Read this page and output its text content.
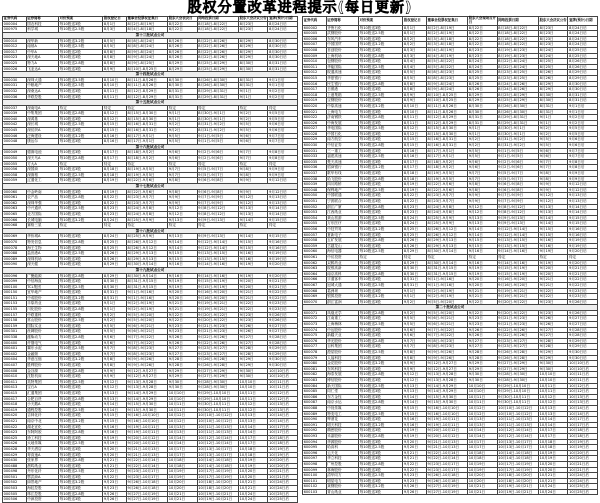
股权分置改革进程提示(每日更新)
证券代码	证券简称	对价预案	股权登记日	董事会投票权征集日	股东大会表决日	网络投票日期	股东大会决议公告	复牌(预计)日期
000004	国农科技	每10股送3股	8月1日	8月2日-8月19日	8月22日	8月18日-8月22日	8月23日	8月24日后
000975	科学城	每10股送2.5股	8月3日	8月4日-8月18日	8月22日	8月18日-8月22日	8月23日	8月24日后
第十三批试点公司								
000010	深华新	每10股送3.2股	8月5日	8月8日-8月24日	8月26日	8月22日-8月26日	8月29日	8月30日后
000012	南玻A	每10股送2.5股	8月5日	8月8日-8月24日	8月26日	8月22日-8月26日	8月29日	8月30日后
000017	中华A	每10股送2股	8月8日	8月9日-8月24日	8月26日	8月22日-8月26日	8月29日	8月30日后
000023	深天地A	每10股送3股	8月8日	8月9日-8月24日	8月26日	8月22日-8月26日	8月29日	8月30日后
000025	特力A	每10股送2.8股	8月8日	8月9日-8月25日	8月29日	8月25日-8月29日	8月30日	8月31日后
000026	飞亚达A	每10股送3股	8月9日	8月10日-8月25日	8月29日	8月25日-8月29日	8月30日	8月31日后
第十四批试点公司								
000030	深圳大通	每10股送3.5股	8月10日	8月11日-8月26日	8月30日	8月26日-8月30日	8月31日	9月1日后
000031	中粮地产	每10股送2.5股	8月10日	8月11日-8月26日	8月30日	8月26日-8月30日	8月31日	9月1日后
000032	深桑达A	每10股送3股	8月11日	8月12日-8月29日	8月31日	8月29日-8月31日	9月1日	9月2日后
000036	华联控股	每10股送3股	8月11日	8月12日-8月29日	8月31日	8月29日-8月31日	9月1日	9月2日后
第十五批试点公司								
000037	深南电A	待定	待定	待定	待定	待定	待定	待定
000039	中集集团	每10股送2.8股	8月12日	8月15日-8月30日	9月1日	8月30日-9月1日	9月2日	9月5日后
000040	深鸿基	每10股送3股	8月12日	8月15日-8月30日	9月1日	8月30日-9月1日	9月2日	9月5日后
000042	深长城	每10股送2.5股	8月15日	8月16日-8月31日	9月2日	8月31日-9月2日	9月5日	9月6日后
000045	深纺织A	每10股送3股	8月15日	8月16日-8月31日	9月2日	8月31日-9月2日	9月5日	9月6日后
000046	泛海建设	每10股送3.2股	8月16日	8月17日-9月1日	9月5日	9月1日-9月5日	9月6日	9月7日后
000048	康达尔	每10股送3股	8月16日	8月17日-9月1日	9月5日	9月1日-9月5日	9月6日	9月7日后
第十六批试点公司								
000049	德赛电池	每10股送3股	8月17日	8月18日-9月2日	9月6日	9月2日-9月6日	9月7日	9月8日后
000050	深天马A	每10股送2.8股	8月17日	8月18日-9月2日	9月6日	9月2日-9月6日	9月7日	9月8日后
000055	方大A	待定	待定	待定	待定	待定	待定	待定
000056	深国商	每10股送3股	8月18日	8月19日-9月5日	9月7日	9月5日-9月7日	9月8日	9月9日后
000058	深赛格	每10股送2.5股	8月18日	8月19日-9月5日	9月7日	9月5日-9月7日	9月8日	9月9日后
000059	辽通化工	每10股送3股	8月19日	8月22日-9月6日	9月8日	9月6日-9月8日	9月9日	9月12日后
第十七批试点公司								
000060	中金岭南	每10股送3股	8月19日	8月22日-9月6日	9月8日	9月6日-9月8日	9月9日	9月12日后
000061	农产品	每10股送2.8股	8月22日	8月23日-9月7日	9月9日	9月7日-9月9日	9月12日	9月13日后
000062	深圳华强	每10股送3股	8月22日	8月23日-9月7日	9月9日	9月7日-9月9日	9月12日	9月13日后
000063	中兴通讯	每10股送2.5股	8月23日	8月24日-9月8日	9月12日	9月8日-9月12日	9月13日	9月14日后
000065	北方国际	每10股送3股	8月23日	8月24日-9月8日	9月12日	9月8日-9月12日	9月13日	9月14日后
000066	长城电脑	每10股送3.2股	8月24日	8月25日-9月9日	9月13日	9月9日-9月13日	9月14日	9月15日后
000068	赛格三星	待定	待定	待定	待定	待定	待定	待定
第十八批试点公司								
000069	华侨城A	每10股送3股	8月24日	8月25日-9月9日	9月13日	9月9日-9月13日	9月14日	9月15日后
000070	特发信息	每10股送2.8股	8月25日	8月26日-9月12日	9月14日	9月12日-9月14日	9月15日	9月16日后
000078	海王生物	每10股送3股	8月25日	8月26日-9月12日	9月14日	9月12日-9月14日	9月15日	9月16日后
000088	盐田港A	每10股送2.5股	8月26日	8月29日-9月13日	9月15日	9月13日-9月15日	9月16日	9月19日后
000089	深圳机场	每10股送3股	8月26日	8月29日-9月13日	9月15日	9月13日-9月15日	9月16日	9月19日后
000090	深天健	每10股送3股	8月29日	8月30日-9月14日	9月16日	9月14日-9月16日	9月19日	9月20日后
第十九批试点公司								
000096	广聚能源	每10股送2.8股	8月29日	8月30日-9月14日	9月16日	9月14日-9月16日	9月19日	9月20日后
000099	中信海直	每10股送3股	8月30日	8月31日-9月15日	9月19日	9月15日-9月19日	9月20日	9月21日后
000100	TCL集团	每10股送2.5股	8月30日	8月31日-9月15日	9月19日	9月15日-9月19日	9月20日	9月21日后
000150	宜华地产	每10股送3股	8月31日	9月1日-9月16日	9月20日	9月16日-9月20日	9月21日	9月22日后
000151	中成股份	每10股送3.2股	8月31日	9月1日-9月16日	9月20日	9月16日-9月20日	9月21日	9月22日后
000153	丰原药业	每10股送3股	9月1日	9月2日-9月19日	9月21日	9月19日-9月21日	9月22日	9月23日后
000155	川化股份	每10股送2.8股	9月1日	9月2日-9月19日	9月21日	9月19日-9月21日	9月22日	9月23日后
000157	中联重科	每10股送3股	9月2日	9月5日-9月20日	9月22日	9月20日-9月22日	9月23日	9月26日后
000158	常山股份	每10股送2.5股	9月2日	9月5日-9月20日	9月22日	9月20日-9月22日	9月23日	9月26日后
000159	国际实业	每10股送3股	9月5日	9月6日-9月21日	9月23日	9月21日-9月23日	9月26日	9月27日后
000301	丝绸股份	每10股送3股	9月5日	9月6日-9月21日	9月23日	9月21日-9月23日	9月26日	9月27日后
000338	潍柴动力	每10股送2.8股	9月6日	9月7日-9月22日	9月26日	9月22日-9月26日	9月27日	9月28日后
000400	许继电气	每10股送3股	9月6日	9月7日-9月22日	9月26日	9月22日-9月26日	9月27日	9月28日后
000401	冀东水泥	每10股送2.5股	9月7日	9月8日-9月23日	9月27日	9月23日-9月27日	9月28日	9月29日后
000402	金融街	每10股送3股	9月7日	9月8日-9月23日	9月27日	9月23日-9月27日	9月28日	9月29日后
000404	华意压缩	每10股送3.2股	9月8日	9月9日-9月26日	9月28日	9月26日-9月28日	9月29日	9月30日后
000407	胜利股份	每10股送3股	9月8日	9月9日-9月26日	9月28日	9月26日-9月28日	9月29日	9月30日后
000408	金谷源	每10股送2.8股	9月9日	9月12日-9月27日	9月29日	9月27日-9月29日	9月30日	10月10日后
000410	沈阳机床	每10股送3股	9月9日	9月12日-9月27日	9月29日	9月27日-9月29日	9月30日	10月10日后
000411	英特集团	每10股送2.5股	9月12日	9月13日-9月28日	9月30日	9月28日-9月30日	10月10日	10月11日后
000413	宝石A	每10股送3股	9月12日	9月13日-9月28日	9月30日	9月28日-9月30日	10月10日	10月11日后
000415	汇通集团	每10股送3股	9月13日	9月14日-9月29日	10月10日	9月29日-10月10日	10月11日	10月12日后
000417	合肥百货	每10股送2.8股	9月13日	9月14日-9月29日	10月10日	9月29日-10月10日	10月11日	10月12日后
000418	小天鹅A	每10股送3股	9月14日	9月15日-9月30日	10月11日	9月30日-10月11日	10月12日	10月13日后
000419	通程控股	每10股送2.5股	9月14日	9月15日-9月30日	10月11日	9月30日-10月11日	10月12日	10月13日后
000420	吉林化纤	每10股送3股	9月15日	9月16日-10月10日	10月12日	10月10日-10月12日	10月13日	10月14日后
000421	南京中北	每10股送3.2股	9月15日	9月16日-10月10日	10月12日	10月10日-10月12日	10月13日	10月14日后
000422	湖北宜化	每10股送3股	9月16日	9月19日-10月11日	10月13日	10月11日-10月13日	10月14日	10月17日后
000423	东阿阿胶	每10股送2.8股	9月16日	9月19日-10月11日	10月13日	10月11日-10月13日	10月14日	10月17日后
000425	徐工科技	每10股送3股	9月19日	9月20日-10月12日	10月14日	10月12日-10月14日	10月17日	10月18日后
000426	大地传媒	每10股送2.5股	9月19日	9月20日-10月12日	10月14日	10月12日-10月14日	10月17日	10月18日后
000428	华天酒店	每10股送3股	9月20日	9月21日-10月13日	10月17日	10月13日-10月17日	10月18日	10月19日后
000429	粤高速A	每10股送3股	9月20日	9月21日-10月13日	10月17日	10月13日-10月17日	10月18日	10月19日后
000430	张家界	每10股送2.8股	9月21日	9月22日-10月14日	10月18日	10月14日-10月18日	10月19日	10月20日后
000488	晨鸣纸业	每10股送3股	9月21日	9月22日-10月14日	10月18日	10月14日-10月18日	10月19日	10月20日后
000498	丹东化纤	每10股送2.5股	9月22日	9月23日-10月17日	10月19日	10月17日-10月19日	10月20日	10月21日后
000501	鄂武商A	每10股送3股	9月22日	9月23日-10月17日	10月19日	10月17日-10月19日	10月20日	10月21日后
000502	绿景地产	每10股送3.2股	9月23日	9月26日-10月18日	10月20日	10月18日-10月20日	10月21日	10月24日后
000503	海虹控股	每10股送3股	9月23日	9月26日-10月18日	10月20日	10月18日-10月20日	10月21日	10月24日后
000505	珠江控股	每10股送2.8股	9月26日	9月27日-10月19日	10月21日	10月19日-10月21日	10月24日	10月25日后
000506	中润投资	每10股送3股	9月26日	9月27日-10月19日	10月21日	10月19日-10月21日	10月24日	10月25日后
证券代码	证券简称	对价预案	股权登记日	董事会投票权征集日	股东大会现场召开日	网络投票日期	股东大会决议公告	复牌(预计)日期
600002	齐鲁石化	每10股送3股	8月1日	8月2日-8月19日	8月22日	8月18日-8月22日	8月23日	8月24日后
600005	武钢股份	每10股送2.5股	8月1日	8月2日-8月19日	8月22日	8月18日-8月22日	8月23日	8月24日后
600006	东风汽车	每10股送3股	8月2日	8月3日-8月18日	8月22日	8月18日-8月22日	8月23日	8月24日后
600007	中国国贸	每10股送3.2股	8月2日	8月3日-8月18日	8月22日	8月18日-8月22日	8月23日	8月24日后
600008	首创股份	每10股送3股	8月3日	8月4日-8月19日	8月23日	8月19日-8月23日	8月24日	8月25日后
600009	上海机场	每10股送2.8股	8月3日	8月4日-8月19日	8月23日	8月19日-8月23日	8月24日	8月25日后
600010	包钢股份	每10股送3股	8月4日	8月5日-8月22日	8月24日	8月22日-8月24日	8月25日	8月26日后
600011	华能国际	每10股送2.5股	8月4日	8月5日-8月22日	8月24日	8月22日-8月24日	8月25日	8月26日后
600012	皖通高速	每10股送3股	8月5日	8月8日-8月23日	8月25日	8月23日-8月25日	8月26日	8月29日后
600015	华夏银行	每10股送3股	8月5日	8月8日-8月23日	8月25日	8月23日-8月25日	8月26日	8月29日后
600016	民生银行	每10股送2.8股	8月8日	8月9日-8月24日	8月26日	8月24日-8月26日	8月29日	8月30日后
600017	日照港	每10股送3股	8月8日	8月9日-8月24日	8月26日	8月24日-8月26日	8月29日	8月30日后
600018	上港集箱	每10股送2.5股	8月9日	8月10日-8月25日	8月29日	8月25日-8月29日	8月30日	8月31日后
600019	宝钢股份	每10股送3股	8月9日	8月10日-8月25日	8月29日	8月25日-8月29日	8月30日	8月31日后
600020	中原高速	每10股送3.2股	8月10日	8月11日-8月26日	8月30日	8月26日-8月30日	8月31日	9月1日后
600021	上海电力	每10股送3股	8月10日	8月11日-8月26日	8月30日	8月26日-8月30日	8月31日	9月1日后
600022	济南钢铁	每10股送2.8股	8月11日	8月12日-8月29日	8月31日	8月29日-8月31日	9月1日	9月2日后
600026	中海发展	每10股送3股	8月11日	8月12日-8月29日	8月31日	8月29日-8月31日	9月1日	9月2日后
600027	华电国际	每10股送2.5股	8月12日	8月15日-8月30日	9月1日	8月30日-9月1日	9月2日	9月5日后
600028	中国石化	每10股送3股	8月12日	8月15日-8月30日	9月1日	8月30日-9月1日	9月2日	9月5日后
600029	南方航空	每10股送3股	8月15日	8月16日-8月31日	9月2日	8月31日-9月2日	9月5日	9月6日后
600030	中信证券	每10股送2.8股	8月15日	8月16日-8月31日	9月2日	8月31日-9月2日	9月5日	9月6日后
600031	三一重工	每10股送3股	8月16日	8月17日-9月1日	9月5日	9月1日-9月5日	9月6日	9月7日后
600033	福建高速	每10股送2.5股	8月16日	8月17日-9月1日	9月5日	9月1日-9月5日	9月6日	9月7日后
600035	楚天高速	每10股送3股	8月17日	8月18日-9月2日	9月6日	9月2日-9月6日	9月7日	9月8日后
600036	招商银行	每10股送3.2股	8月17日	8月18日-9月2日	9月6日	9月2日-9月6日	9月7日	9月8日后
600037	歌华有线	每10股送3股	8月18日	8月19日-9月5日	9月7日	9月5日-9月7日	9月8日	9月9日后
600038	哈飞股份	每10股送2.8股	8月18日	8月19日-9月5日	9月7日	9月5日-9月7日	9月8日	9月9日后
600039	四川路桥	每10股送3股	8月19日	8月22日-9月6日	9月8日	9月6日-9月8日	9月9日	9月12日后
600048	保利地产	每10股送2.5股	8月19日	8月22日-9月6日	9月8日	9月6日-9月8日	9月9日	9月12日后
600050	中国联通	每10股送3股	8月22日	8月23日-9月7日	9月9日	9月7日-9月9日	9月12日	9月13日后
600051	宁波联合	每10股送3股	8月22日	8月23日-9月7日	9月9日	9月7日-9月9日	9月12日	9月13日后
600052	浙江广厦	每10股送2.8股	8月23日	8月24日-9月8日	9月12日	9月8日-9月12日	9月13日	9月14日后
600053	江西纸业	每10股送3股	8月23日	8月24日-9月8日	9月12日	9月8日-9月12日	9月13日	9月14日后
600054	黄山旅游	每10股送2.5股	8月24日	8月25日-9月9日	9月13日	9月9日-9月13日	9月14日	9月15日后
600055	万东医疗	每10股送3股	8月24日	8月25日-9月9日	9月13日	9月9日-9月13日	9月14日	9月15日后
600056	中技贸易	每10股送3.2股	8月25日	8月26日-9月12日	9月14日	9月12日-9月14日	9月15日	9月16日后
600057	夏新电子	每10股送3股	8月25日	8月26日-9月12日	9月14日	9月12日-9月14日	9月15日	9月16日后
600058	五矿发展	每10股送2.8股	8月26日	8月29日-9月13日	9月15日	9月13日-9月15日	9月16日	9月19日后
600059	古越龙山	每10股送3股	8月26日	8月29日-9月13日	9月15日	9月13日-9月15日	9月16日	9月19日后
600060	海信电器	每10股送2.5股	8月29日	8月30日-9月14日	9月16日	9月14日-9月16日	9月19日	9月20日后
600061	中纺投资	待定	待定	待定	待定	待定	待定	待定
600062	双鹤药业	每10股送3股	8月29日	8月30日-9月14日	9月16日	9月14日-9月16日	9月19日	9月20日后
600063	皖维高新	每10股送3股	8月30日	8月31日-9月15日	9月19日	9月15日-9月19日	9月20日	9月21日后
600064	南京高科	每10股送2.8股	8月30日	8月31日-9月15日	9月19日	9月15日-9月19日	9月20日	9月21日后
600066	宇通客车	每10股送3股	8月31日	9月1日-9月16日	9月20日	9月16日-9月20日	9月21日	9月22日后
600067	冠城大通	每10股送2.5股	8月31日	9月1日-9月16日	9月20日	9月16日-9月20日	9月21日	9月22日后
600068	葛洲坝	每10股送3股	9月1日	9月2日-9月19日	9月21日	9月19日-9月21日	9月22日	9月23日后
600069	银鸽投资	每10股送3.2股	9月1日	9月2日-9月19日	9月21日	9月19日-9月21日	9月22日	9月23日后
600070	浙江富润	每10股送3股	9月2日	9月5日-9月20日	9月22日	9月20日-9月22日	9月23日	9月26日后
第二十批试点公司								
600071	凤凰光学	每10股送2.8股	9月2日	9月5日-9月20日	9月22日	9月20日-9月22日	9月23日	9月26日后
600072	江南重工	每10股送3股	9月5日	9月6日-9月21日	9月23日	9月21日-9月23日	9月26日	9月27日后
600073	上海梅林	每10股送2.5股	9月5日	9月6日-9月21日	9月23日	9月21日-9月23日	9月26日	9月27日后
600074	中达股份	每10股送3股	9月6日	9月7日-9月22日	9月26日	9月22日-9月26日	9月27日	9月28日后
600075	新疆天业	每10股送3股	9月6日	9月7日-9月22日	9月26日	9月22日-9月26日	9月27日	9月28日后
600076	华光股份	每10股送2.8股	9月7日	9月8日-9月23日	9月27日	9月23日-9月27日	9月28日	9月29日后
600077	百科集团	每10股送3股	9月7日	9月8日-9月23日	9月27日	9月23日-9月27日	9月28日	9月29日后
600078	澄星股份	每10股送2.5股	9月8日	9月9日-9月26日	9月28日	9月26日-9月28日	9月29日	9月30日后
600079	人福科技	每10股送3股	9月8日	9月9日-9月26日	9月28日	9月26日-9月28日	9月29日	9月30日后
600080	金花股份	每10股送3.2股	9月9日	9月12日-9月27日	9月29日	9月27日-9月29日	9月30日	10月10日后
600081	东风科技	每10股送3股	9月9日	9月12日-9月27日	9月29日	9月27日-9月29日	9月30日	10月10日后
600082	海泰发展	每10股送2.8股	9月12日	9月13日-9月28日	9月30日	9月28日-9月30日	10月10日	10月11日后
600083	博信股份	每10股送3股	9月12日	9月13日-9月28日	9月30日	9月28日-9月30日	10月10日	10月11日后
600084	新天国际	每10股送2.5股	9月13日	9月14日-9月29日	10月10日	9月29日-10月10日	10月11日	10月12日后
600085	同仁堂	每10股送3股	9月13日	9月14日-9月29日	10月10日	9月29日-10月10日	10月11日	10月12日后
600086	东方金钰	每10股送3股	9月14日	9月15日-9月30日	10月11日	9月30日-10月11日	10月12日	10月13日后
600087	南京水运	每10股送2.8股	9月14日	9月15日-9月30日	10月11日	9月30日-10月11日	10月12日	10月13日后
600088	中视传媒	每10股送3股	9月15日	9月16日-10月10日	10月12日	10月10日-10月12日	10月13日	10月14日后
600089	特变电工	每10股送2.5股	9月15日	9月16日-10月10日	10月12日	10月10日-10月12日	10月13日	10月14日后
600090	啤酒花	每10股送3股	9月16日	9月19日-10月11日	10月13日	10月11日-10月13日	10月14日	10月17日后
600091	明天科技	每10股送3.2股	9月16日	9月19日-10月11日	10月13日	10月11日-10月13日	10月14日	10月17日后
600092	精密股份	每10股送3股	9月19日	9月20日-10月12日	10月14日	10月12日-10月14日	10月17日	10月18日后
600093	禾嘉股份	每10股送2.8股	9月19日	9月20日-10月12日	10月14日	10月12日-10月14日	10月17日	10月18日后
600094	华源股份	每10股送3股	9月20日	9月21日-10月13日	10月17日	10月13日-10月17日	10月18日	10月19日后
600095	哈高科	每10股送2.5股	9月20日	9月21日-10月13日	10月17日	10月13日-10月17日	10月18日	10月19日后
600096	云天化	每10股送3股	9月21日	9月22日-10月14日	10月18日	10月14日-10月18日	10月19日	10月20日后
600097	华立科技	每10股送3股	9月21日	9月22日-10月14日	10月18日	10月14日-10月18日	10月19日	10月20日后
600098	广州控股	每10股送2.8股	9月22日	9月23日-10月17日	10月19日	10月17日-10月19日	10月20日	10月21日后
600099	林海股份	每10股送3股	9月22日	9月23日-10月17日	10月19日	10月17日-10月19日	10月20日	10月21日后
600100	清华同方	每10股送2.5股	9月23日	9月26日-10月18日	10月20日	10月18日-10月20日	10月21日	10月24日后
600101	明星电力	每10股送3股	9月23日	9月26日-10月18日	10月20日	10月18日-10月20日	10月21日	10月24日后
600102	莱钢股份	每10股送3.2股	9月26日	9月27日-10月19日	10月21日	10月19日-10月21日	10月24日	10月25日后
600103	青山纸业	每10股送3股	9月26日	9月27日-10月19日	10月21日	10月19日-10月21日	10月24日	10月25日后
